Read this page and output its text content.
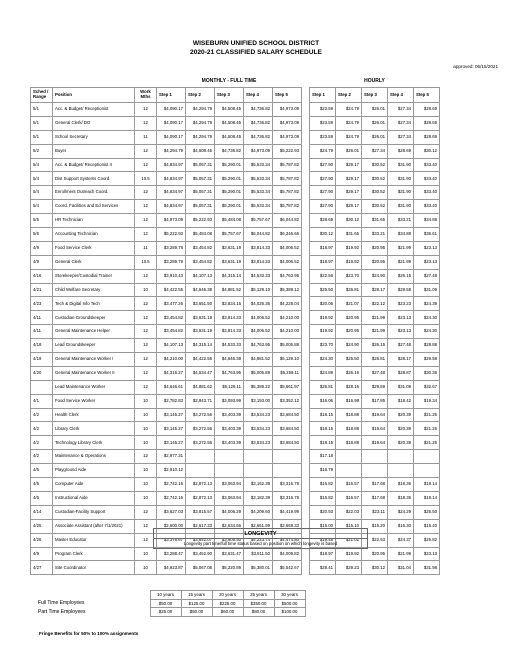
WISEBURN UNIFIED SCHOOL DISTRICT
2020-21 CLASSIFIED SALARY SCHEDULE
approved: 06/15/2021
			MONTHLY - FULL TIME						HOURLY				
Sched / Range	Position	Work Mths	Step 1	Step 2	Step 3	Step 4	Step 5		Step 1	Step 2	Step 3	Step 4	Step 5
5/1	Acc. & Budget/ Receptionist	12	$4,090.17	$4,294.79	$4,508.45	$4,736.82	$4,973.09		$23.59	$24.79	$26.01	$27.34	$28.69
5/1	General Clerk/ DO	12	$4,090.17	$4,294.79	$4,508.45	$4,736.82	$4,973.09		$23.59	$24.79	$26.01	$27.34	$28.69
5/1	School Secretary	11	$4,090.17	$4,294.79	$4,508.45	$4,736.82	$4,973.09		$23.59	$24.79	$26.01	$27.34	$28.69
5/2	Buyer	12	$4,294.79	$4,508.45	$4,736.82	$4,973.09	$5,222.93		$24.79	$26.01	$27.34	$28.69	$30.12
5/4	Acc. & Budget/ Receptionist II	12	$4,834.97	$5,057.31	$5,290.01	$5,533.34	$5,787.82		$27.90	$29.17	$30.52	$31.90	$33.40
5/4	Dist Support Systems Coord.	10.5	$4,834.97	$5,057.31	$5,290.01	$5,533.34	$5,787.82		$27.90	$29.17	$30.52	$31.90	$33.40
5/4	Enrollment Outreach Coord.	12	$4,834.97	$5,057.31	$5,290.01	$5,533.34	$5,787.82		$27.90	$29.17	$30.52	$31.90	$33.40
5/4	Coord. Facilities and Ed Services	12	$4,834.97	$5,057.31	$5,290.01	$5,533.34	$5,787.82		$27.90	$29.17	$30.52	$31.90	$33.40
5/5	HR Technician	12	$4,973.09	$5,222.93	$5,484.08	$5,757.67	$6,044.82		$28.69	$30.12	$31.65	$33.21	$34.88
5/6	Accounting Technician	12	$5,222.93	$5,484.08	$5,757.67	$6,044.82	$6,346.66		$30.12	$31.65	$33.21	$34.88	$36.61
4/9	Food Service Clerk	11	$3,289.78	$3,454.82	$3,631.19	$3,814.33	$4,006.52		$18.97	$19.92	$20.95	$21.99	$23.13
4/9	General Clerk	10.5	$3,289.78	$3,454.82	$3,631.19	$3,814.33	$4,006.52		$18.97	$19.92	$20.95	$21.99	$23.13
4/16	Storekeeper/Custodial Trainer	12	$3,910.43	$4,107.13	$4,315.14	$4,533.33	$4,763.95		$22.56	$23.70	$24.90	$26.15	$27.48
4/21	Child Welfare Secretary	10	$4,422.55	$4,646.38	$4,881.52	$5,129.10	$5,389.12		$25.50	$26.81	$28.17	$29.58	$31.09
4/23	Tech & Digital Info Tech	12	$3,477.26	$3,651.50	$3,834.15	$4,026.36	$4,228.04		$20.06	$21.07	$22.12	$23.23	$24.39
4/11	Custodian-Groundskeeper	12	$3,454.82	$3,631.19	$3,814.33	$4,006.52	$4,210.00		$19.92	$20.95	$21.99	$23.13	$24.30
4/11	General Maintenance Helper	12	$3,454.82	$3,631.19	$3,814.33	$4,006.52	$4,210.00		$19.92	$20.95	$21.99	$23.13	$24.30
4/18	Lead Groundskeeper	12	$4,107.13	$4,315.14	$4,533.33	$4,763.95	$5,005.88		$23.70	$24.90	$26.15	$27.48	$28.88
4/19	General Maintenance Worker I	12	$4,210.00	$4,422.55	$4,646.38	$4,881.52	$5,129.10		$24.30	$25.50	$26.81	$28.17	$29.58
4/20	General Maintenance Worker II	12	$4,316.27	$4,534.47	$4,763.95	$5,005.89	$5,259.11		$24.89	$26.16	$27.48	$28.87	$30.36
	Lead Maintenance Worker	12	$4,646.61	$4,881.62	$5,129.11	$5,389.22	$5,661.97		$26.81	$28.16	$29.59	$31.09	$32.67
4/1	Food Service Worker	10	$2,782.83	$2,943.71	$3,093.99	$3,193.00	$3,352.12		$16.06	$16.98	$17.85	$18.42	$19.34
4/2	Health Clerk	10	$3,145.27	$3,272.56	$3,403.39	$3,534.23	$3,684.50		$18.15	$18.88	$19.64	$20.39	$21.26
4/2	Library Clerk	10	$3,145.27	$3,272.56	$3,403.39	$3,534.23	$3,684.50		$18.15	$18.88	$19.64	$20.39	$21.26
4/2	Technology Library Clerk	10	$3,145.27	$3,272.56	$3,403.39	$3,534.23	$3,684.50		$18.15	$18.88	$19.64	$20.39	$21.26
4/2	Maintenance & Operations	12	$2,977.31						$17.18				
4/6	Playground Aide	10	$2,910.12						$16.79				
4/5	Computer Aide	10	$2,742.16	$2,872.13	$3,063.94	$3,162.39	$3,316.78		$15.82	$16.57	$17.68	$18.36	$19.14
4/6	Instructional Aide	10	$2,742.16	$2,872.13	$3,063.94	$3,182.39	$3,316.78		$15.82	$16.57	$17.68	$18.36	$19.14
4/14	Custodian-Facility Support	12	$3,627.03	$3,815.57	$4,006.29	$4,209.60	$4,419.99		$20.93	$22.03	$23.11	$24.29	$25.50
4/25	Associate Assistant (after 7/1/2021)	12	$2,600.00	$2,617.33	$2,634.66	$2,651.99	$2,669.33		$15.00	$15.10	$15.20	$15.30	$15.40
4/26	Master Educator	12	$3,376.67	$3,642.07	$3,905.50	$4,223.74	$4,474.80		$19.48	$21.01	$22.53	$24.37	$25.82
4/9	Program Clerk	10	$3,288.47	$3,452.90	$3,631.47	$3,811.50	$4,009.82		$18.97	$19.92	$20.95	$21.99	$23.13
4/27	Site Coordinator	10	$4,923.87	$5,067.08	$5,220.89	$5,380.01	$5,542.67		$28.41	$29.23	$30.12	$31.04	$31.98
LONGEVITY
Longevity part time/full time status based on position on which longevity is based
	10 years	15 years	20 years	25 years	30 years
Full Time Employees	$50.00	$125.00	$225.00	$350.00	$500.00
Part Time Employees	$25.00	$50.00	$60.00	$80.00	$100.00
Fringe Benefits for 50% to 100% assignments
